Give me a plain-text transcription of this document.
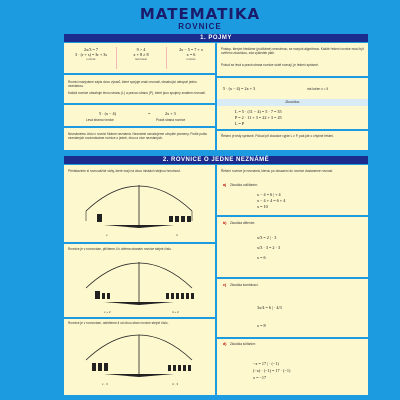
MATEMATIKA
ROVNICE
1. POJMY
2x/3 = 7
3 · (r + s) = 3r + 3s
rovnost
9 > 4
x + 8 ≠ 8
nerovnost
2x − 5 = 7 + x
x = 6
rovnice
Rovnici nazýváme zápis dvou výrazů, které spojuje znak rovnosti, obsahující alespoň jednu neznámou.
Každá rovnice obsahuje levou stranu (L) a pravou stranu (P), které jsou spojeny znakem rovnosti.
5 · (x − 4)	=	2x + 3
Levá strana rovnice	Pravá strana rovnice
Neznámému číslu v rovnici říkáme neznámá. Neznámé označujeme obvykle písmeny. Podle počtu neznámých rozeznáváme rovnice o jedné, dvou a více neznámých.
Postup, kterým hledáme (počítáme) neznámou, se nazývá algoritmus. Každé řešení rovnice musí být ověřeno zkouškou, zda výsledek platí.
Pokud se levá a pravá strana rovnice sobě rovnají, je řešení správné.
5 · (x − 4) = 2x + 3	má kořen x = 5
Zkouška:
L = 5 · (11 − 4) = 5 · 7 = 35
P = 2 · 11 + 3 = 22 + 3 = 25
L = P
Řešení je tedy správné. Pokud při zkoušce vyjde L ≠ P, pak jde o chybné řešení.
2. ROVNICE O JEDNE NEZNÁMÉ
Představíme si rovnovážné váhy, které mají na obou miskách stejnou hmotnost.
x	4
x + 2	4 + 2
x · 3	4 · 3
Rovnice je v rovnováze, přičteme-li k oběma stranám rovnice stejné číslo.
Rovnice je v rovnováze, odečteme-li od obou stran rovnice stejné číslo.
Řešení rovnice je neznámá, kterou po dosazení do rovnice dostaneme rovnost.
a) Zkouška odčítáním:
x − 4 = 6 | + 4
x − 4 + 4 = 6 + 4
x = 10
b) Zkouška dělením:
x/3 = 2 | · 3
x/3 · 3 = 2 · 3
x = 6
c) Zkouška kombinací:
3x/4 = 6 | · 4/3
x = 8
d) Zkouška sčítáním:
−x = 17 | · (−1)
(−x) · (−1) = 17 · (−1)
x = −17
